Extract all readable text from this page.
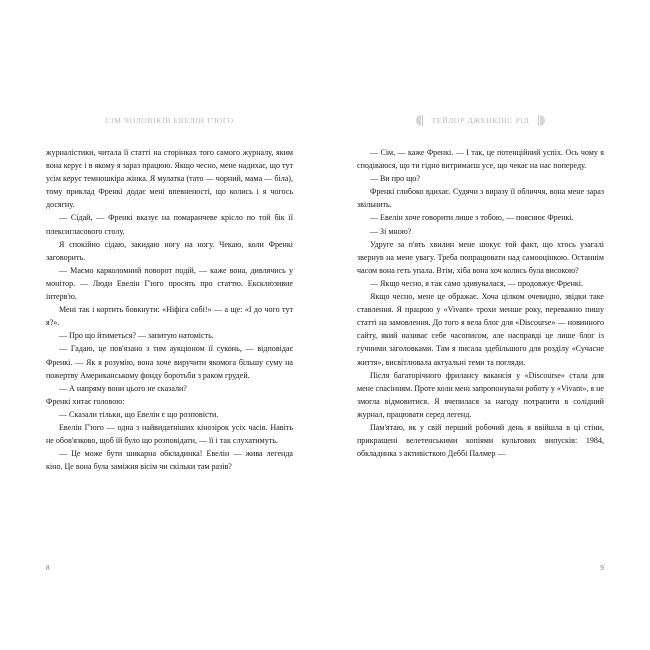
СІМ ЧОЛОВІКІВ ЕВЕЛІН Г'ЮГО

журналістики, читала її статті на сторінках того самого журналу, яким вона керує і в якому я зараз працюю. Якщо чесно, мене надихає, що тут усім керує темношкіра жінка. Я мулатка (тато — чорний, мама — біла), тому приклад Френкі додає мені впевненості, що колись і я чогось досягну.

— Сідай, — Френкі вказує на помаранчеве крісло по той бік її плексигласового столу.

Я спокійно сідаю, закидаю ногу на ногу. Чекаю, коли Френкі заговорить.

— Маємо карколомний поворот подій, — каже вона, дивлячись у монітор. — Люди Евелін Г'юго просять про статтю. Ексклюзивне інтерв'ю.

Мені так і кортить бовкнути: «Ніфіга собі!» — а ще: «І до чого тут я?».

— Про що йтиметься? — запитую натомість.

— Гадаю, це пов'язано з тим аукціоном її суконь, — відповідає Френкі. — Як я розумію, вона хоче виручити якомога більшу суму на пожертву Американському фонду боротьби з раком грудей.

— А напряму вони цього не сказали?

Френкі хитає головою:

— Сказали тільки, що Евелін є що розповісти.

Евелін Г'юго — одна з найвидатніших кінозірок усіх часів. Навіть не обов'язково, щоб їй було що розповідати, — її і так слухатимуть.

— Це може бути шикарна обкладинка! Евелін — жива легенда кіно. Це вона була заміжня вісім чи скільки там разів?

8
ТЕЙЛОР ДЖЕНКІНС РІД

— Сім, — каже Френкі. — І так, це потенційний успіх. Ось чому я сподіваюся, що ти гідно витримаєш усе, що чекає на нас попереду.

— Ви про що?

Френкі глибоко вдихає. Судячи з виразу її обличчя, вона мене зараз звільнить.

— Евелін хоче говорити лише з тобою, — пояснює Френкі.

— Зі мною?

Удруге за п'ять хвилин мене шокує той факт, що хтось узагалі звернув на мене увагу. Треба попрацювати над самооцінкою. Останнім часом вона геть упала. Втім, хіба вона хоч колись була високою?

— Якщо чесно, я так само здивувалася, — продовжує Френкі.

Якщо чесно, мене це ображає. Хоча цілком очевидно, звідки таке ставлення. Я працюю у «Vivant» трохи менше року, переважно пишу статті на замовлення. До того я вела блог для «Discourse» — новинного сайту, який називає себе часописом, але насправді це лише блог із гучними заголовками. Там я писала здебільшого для розділу «Сучасне життя», висвітлювала актуальні теми та погляди.

Після багаторічного фрилансу вакансія у «Discourse» стала для мене спасінням. Проте коли мені запропонували роботу у «Vivant», я не змогла відмовитися. Я вчепилася за нагоду потрапити в солідний журнал, працювати серед легенд.

Пам'ятаю, як у свій перший робочий день я ввійшла в ці стіни, прикрашені велетенськими копіями культових випусків: 1984, обкладинка з активісткою Деббі Палмер —

9
